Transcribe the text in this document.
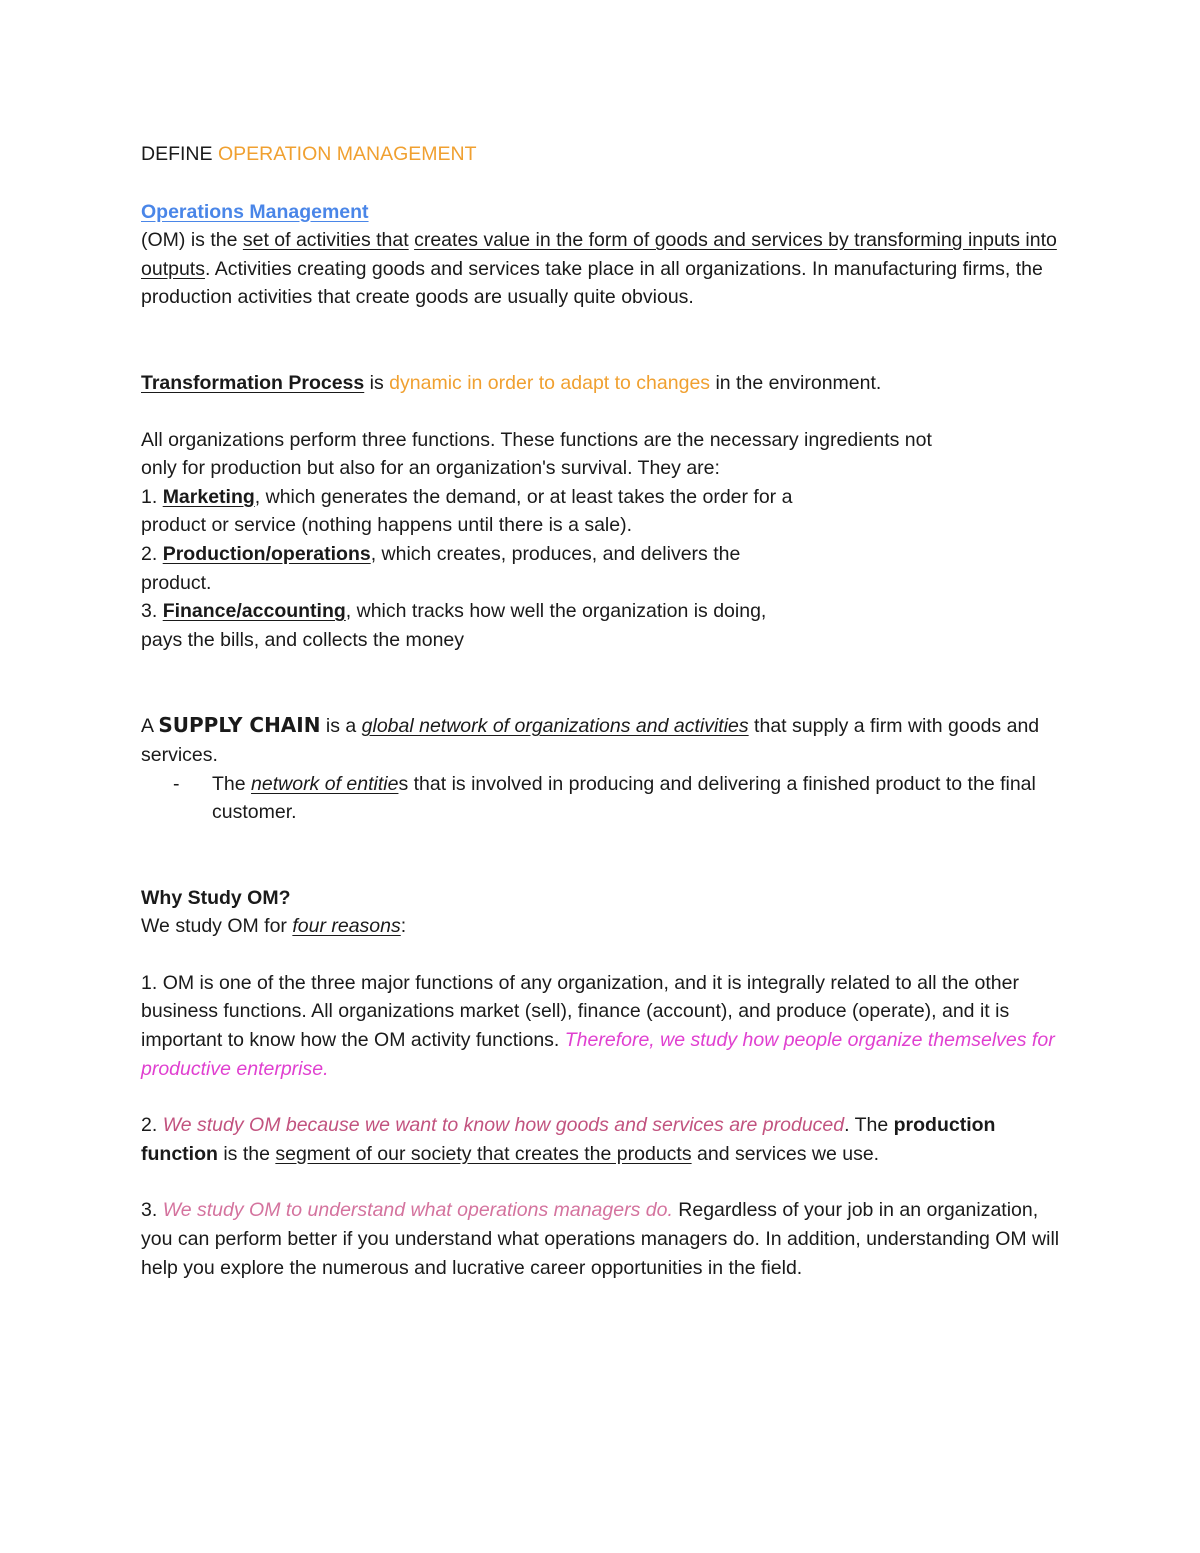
DEFINE OPERATION MANAGEMENT

Operations Management

(OM) is the set of activities that creates value in the form of goods and services by transforming inputs into outputs. Activities creating goods and services take place in all organizations. In manufacturing firms, the production activities that create goods are usually quite obvious.

Transformation Process is dynamic in order to adapt to changes in the environment.

All organizations perform three functions. These functions are the necessary ingredients not

only for production but also for an organization's survival. They are:

1. Marketing, which generates the demand, or at least takes the order for a

product or service (nothing happens until there is a sale).

2. Production/operations, which creates, produces, and delivers the

product.

3. Finance/accounting, which tracks how well the organization is doing,

pays the bills, and collects the money

A SUPPLY CHAIN is a global network of organizations and activities that supply a firm with goods and services.

- The network of entities that is involved in producing and delivering a finished product to the final customer.

Why Study OM?

We study OM for four reasons:

1. OM is one of the three major functions of any organization, and it is integrally related to all the other business functions. All organizations market (sell), finance (account), and produce (operate), and it is important to know how the OM activity functions. Therefore, we study how people organize themselves for productive enterprise.

2. We study OM because we want to know how goods and services are produced. The production function is the segment of our society that creates the products and services we use.

3. We study OM to understand what operations managers do. Regardless of your job in an organization, you can perform better if you understand what operations managers do. In addition, understanding OM will help you explore the numerous and lucrative career opportunities in the field.
